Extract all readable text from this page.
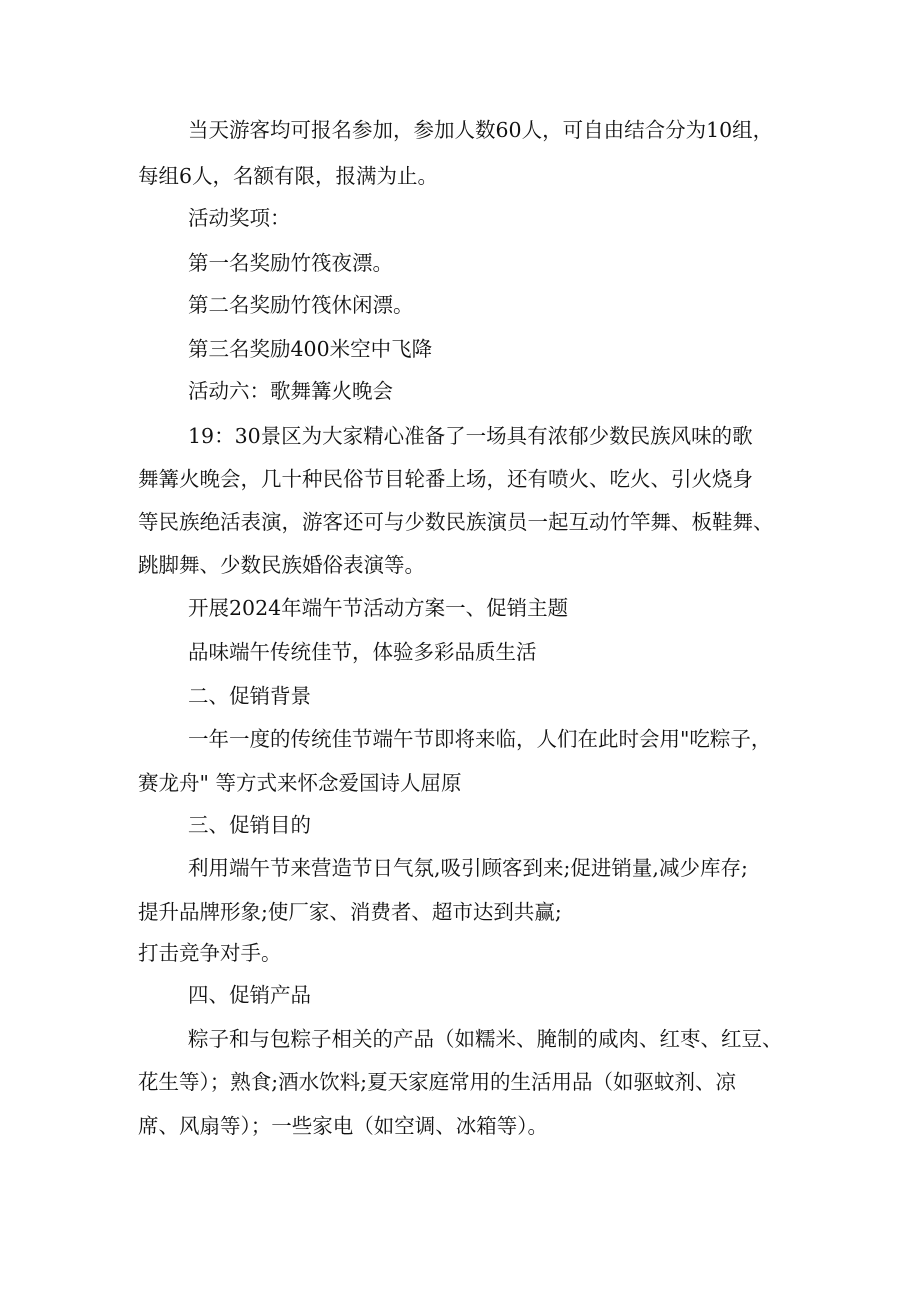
当天游客均可报名参加，参加人数60人，可自由结合分为10组，

每组6人，名额有限，报满为止。

活动奖项：

第一名奖励竹筏夜漂。

第二名奖励竹筏休闲漂。

第三名奖励400米空中飞降

活动六：歌舞篝火晚会

19：30景区为大家精心准备了一场具有浓郁少数民族风味的歌

舞篝火晚会，几十种民俗节目轮番上场，还有喷火、吃火、引火烧身

等民族绝活表演，游客还可与少数民族演员一起互动竹竿舞、板鞋舞、

跳脚舞、少数民族婚俗表演等。

开展2024年端午节活动方案一、促销主题

品味端午传统佳节，体验多彩品质生活

二、促销背景

一年一度的传统佳节端午节即将来临，人们在此时会用"吃粽子，

赛龙舟" 等方式来怀念爱国诗人屈原

三、促销目的

利用端午节来营造节日气氛,吸引顾客到来;促进销量,减少库存;

提升品牌形象;使厂家、消费者、超市达到共赢;

打击竞争对手。

四、促销产品

粽子和与包粽子相关的产品（如糯米、腌制的咸肉、红枣、红豆、

花生等）；熟食;酒水饮料;夏天家庭常用的生活用品（如驱蚊剂、凉

席、风扇等）；一些家电（如空调、冰箱等）。
